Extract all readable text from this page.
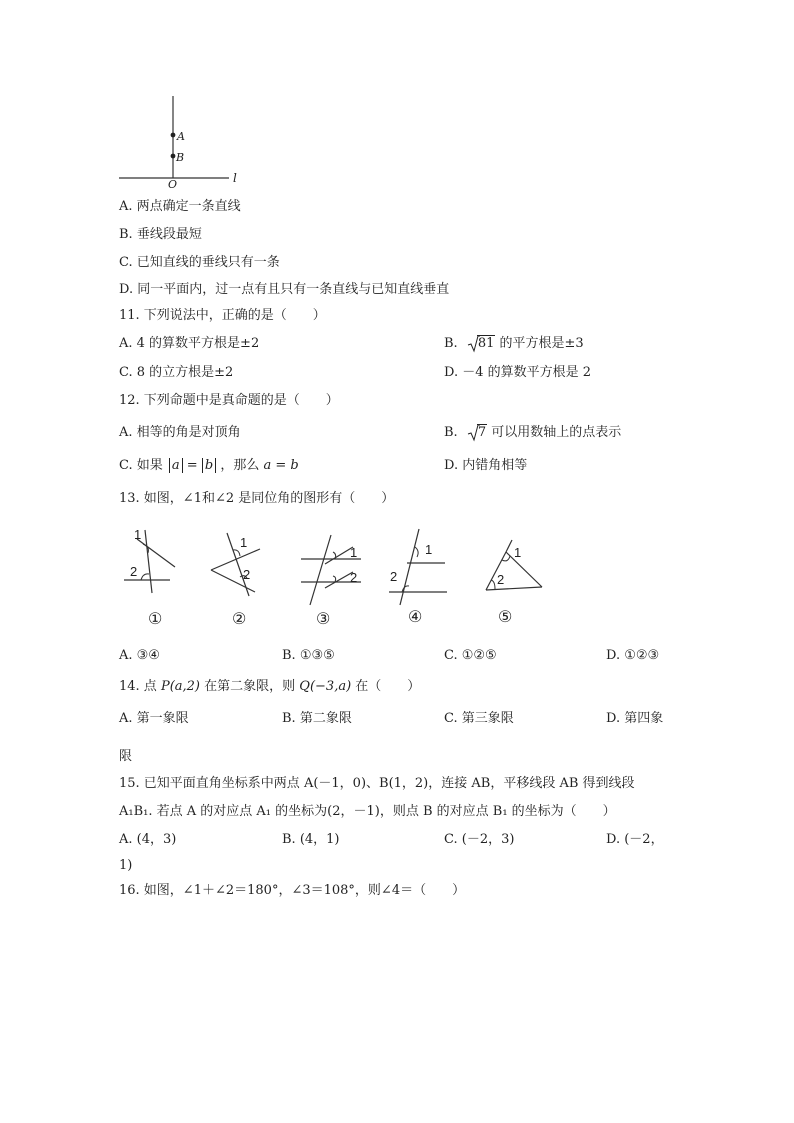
A
B
O	l
A. 两点确定一条直线
B. 垂线段最短
C. 已知直线的垂线只有一条
D. 同一平面内，过一点有且只有一条直线与已知直线垂直
11. 下列说法中，正确的是（　　）
A. 4 的算数平方根是±2	B. 81 的平方根是±3
C. 8 的立方根是±2	D. －4 的算数平方根是 2
12. 下列命题中是真命题的是（　　）
A. 相等的角是对顶角	B. 7 可以用数轴上的点表示
C. 如果 a = b ，那么 a = b	D. 内错角相等
13. 如图，∠1和∠2 是同位角的图形有（　　）
1
2
1
2
1
2
1
2
1
2
①	②	③	④	⑤
A. ③④	B. ①③⑤	C. ①②⑤	D. ①②③
14. 点 P(a,2) 在第二象限，则 Q(−3,a) 在（　　）
A. 第一象限	B. 第二象限	C. 第三象限	D. 第四象
限
15. 已知平面直角坐标系中两点 A(－1，0)、B(1，2)，连接 AB，平移线段 AB 得到线段
A₁B₁. 若点 A 的对应点 A₁ 的坐标为(2，－1)，则点 B 的对应点 B₁ 的坐标为（　　）
A. (4，3)	B. (4，1)	C. (－2，3)	D. (－2，
1)
16. 如图，∠1＋∠2＝180°，∠3＝108°，则∠4＝（　　）
